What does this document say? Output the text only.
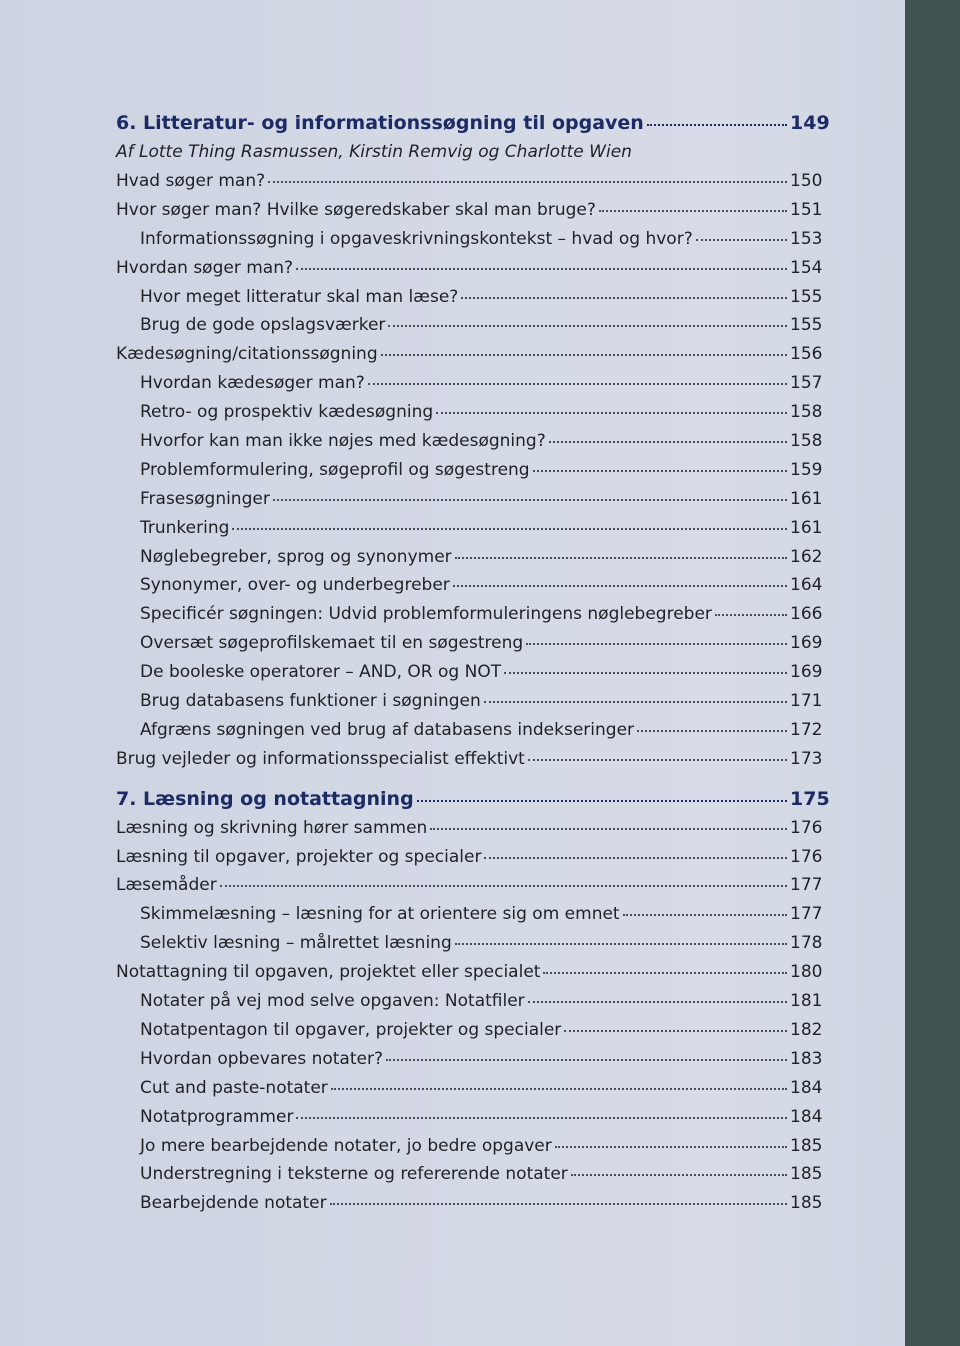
6. Litteratur- og informationssøgning til opgaven	149
Af Lotte Thing Rasmussen, Kirstin Remvig og Charlotte Wien
Hvad søger man?	150
Hvor søger man? Hvilke søgeredskaber skal man bruge?	151
Informationssøgning i opgaveskrivningskontekst – hvad og hvor?	153
Hvordan søger man?	154
Hvor meget litteratur skal man læse?	155
Brug de gode opslagsværker	155
Kædesøgning/citationssøgning	156
Hvordan kædesøger man?	157
Retro- og prospektiv kædesøgning	158
Hvorfor kan man ikke nøjes med kædesøgning?	158
Problemformulering, søgeprofil og søgestreng	159
Frasesøgninger	161
Trunkering	161
Nøglebegreber, sprog og synonymer	162
Synonymer, over- og underbegreber	164
Specificér søgningen: Udvid problemformuleringens nøglebegreber	166
Oversæt søgeprofilskemaet til en søgestreng	169
De booleske operatorer – AND, OR og NOT	169
Brug databasens funktioner i søgningen	171
Afgræns søgningen ved brug af databasens indekseringer	172
Brug vejleder og informationsspecialist effektivt	173
7. Læsning og notattagning	175
Læsning og skrivning hører sammen	176
Læsning til opgaver, projekter og specialer	176
Læsemåder	177
Skimmelæsning – læsning for at orientere sig om emnet	177
Selektiv læsning – målrettet læsning	178
Notattagning til opgaven, projektet eller specialet	180
Notater på vej mod selve opgaven: Notatfiler	181
Notatpentagon til opgaver, projekter og specialer	182
Hvordan opbevares notater?	183
Cut and paste-notater	184
Notatprogrammer	184
Jo mere bearbejdende notater, jo bedre opgaver	185
Understregning i teksterne og refererende notater	185
Bearbejdende notater	185
